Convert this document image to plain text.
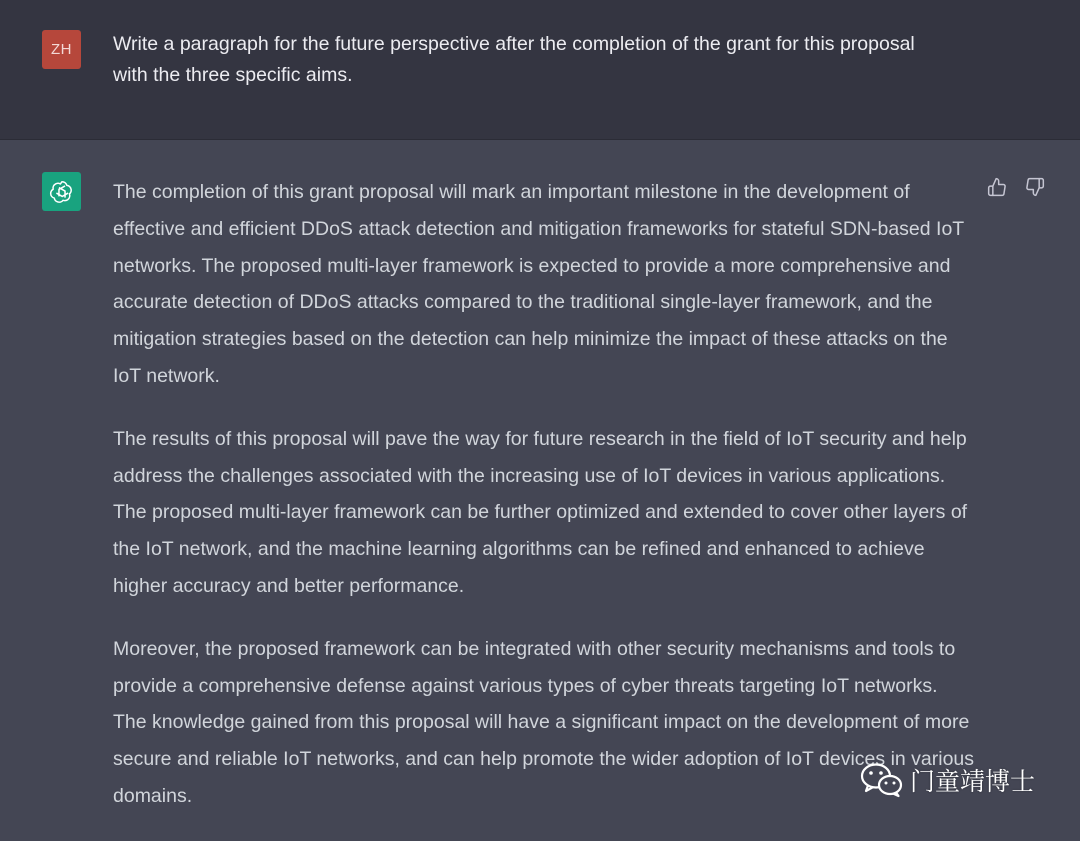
ZH	Write a paragraph for the future perspective after the completion of the grant for this proposal with the three specific aims.

The completion of this grant proposal will mark an important milestone in the development of effective and efficient DDoS attack detection and mitigation frameworks for stateful SDN-based IoT networks. The proposed multi-layer framework is expected to provide a more comprehensive and accurate detection of DDoS attacks compared to the traditional single-layer framework, and the mitigation strategies based on the detection can help minimize the impact of these attacks on the IoT network.

The results of this proposal will pave the way for future research in the field of IoT security and help address the challenges associated with the increasing use of IoT devices in various applications. The proposed multi-layer framework can be further optimized and extended to cover other layers of the IoT network, and the machine learning algorithms can be refined and enhanced to achieve higher accuracy and better performance.

Moreover, the proposed framework can be integrated with other security mechanisms and tools to provide a comprehensive defense against various types of cyber threats targeting IoT networks. The knowledge gained from this proposal will have a significant impact on the development of more secure and reliable IoT networks, and can help promote the wider adoption of IoT devices in various domains.	门童靖博士
